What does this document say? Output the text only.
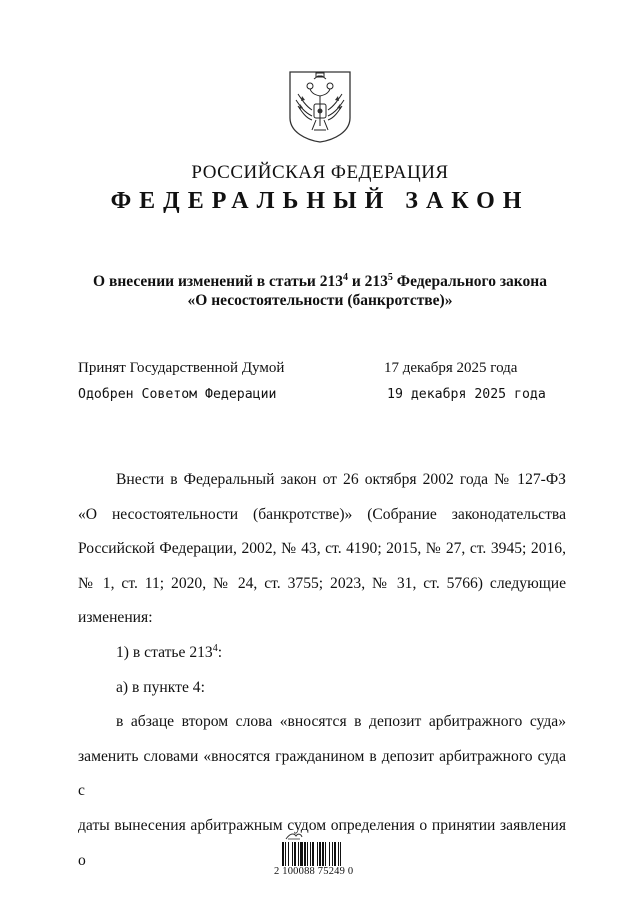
РОССИЙСКАЯ ФЕДЕРАЦИЯ
ФЕДЕРАЛЬНЫЙ ЗАКОН
О внесении изменений в статьи $213^4$ и $213^5$ Федерального закона
«О несостоятельности (банкротстве)»
Принят Государственной Думой	17 декабря 2025 года
Одобрен Советом Федерации	19 декабря 2025 года
Внести в Федеральный закон от 26 октября 2002 года № 127-ФЗ
«О несостоятельности (банкротстве)» (Собрание законодательства
Российской Федерации, 2002, № 43, ст. 4190; 2015, № 27, ст. 3945; 2016,
№ 1, ст. 11; 2020, № 24, ст. 3755; 2023, № 31, ст. 5766) следующие
изменения:
1) в статье $213^4$:
а) в пункте 4:
в абзаце втором слова «вносятся в депозит арбитражного суда»
заменить словами «вносятся гражданином в депозит арбитражного суда с
даты вынесения арбитражным судом определения о принятии заявления о
2 100088 75249 0
